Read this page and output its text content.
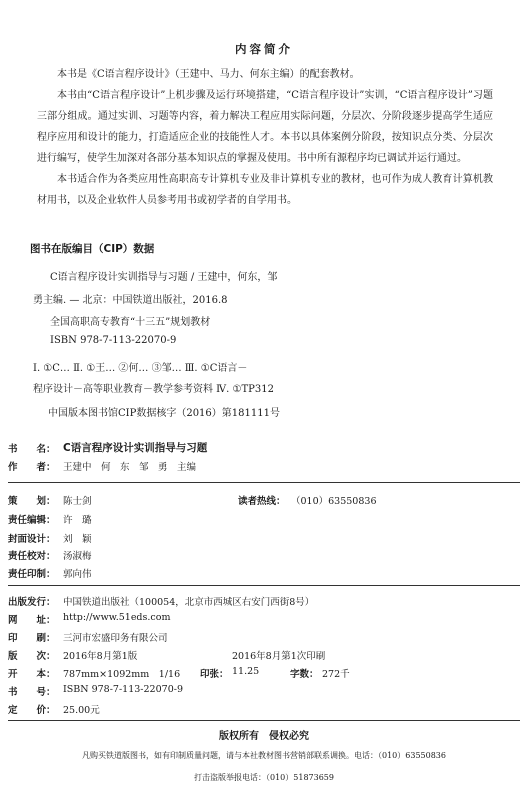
内容简介
本书是《C语言程序设计》（王建中、马力、何东主编）的配套教材。
本书由“C语言程序设计”上机步骤及运行环境搭建，“C语言程序设计”实训，“C语言程序设计”习题三部分组成。通过实训、习题等内容，着力解决工程应用实际问题，分层次、分阶段逐步提高学生适应程序应用和设计的能力，打造适应企业的技能性人才。本书以具体案例分阶段，按知识点分类、分层次进行编写，使学生加深对各部分基本知识点的掌握及使用。书中所有源程序均已调试并运行通过。
本书适合作为各类应用性高职高专计算机专业及非计算机专业的教材，也可作为成人教育计算机教材用书，以及企业软件人员参考用书或初学者的自学用书。
图书在版编目（CIP）数据
C语言程序设计实训指导与习题 / 王建中，何东，邹
勇主编. — 北京：中国铁道出版社，2016.8
全国高职高专教育“十三五”规划教材
ISBN 978-7-113-22070-9
Ⅰ. ①C… Ⅱ. ①王… ②何… ③邹… Ⅲ. ①C语言－
程序设计－高等职业教育－教学参考资料 Ⅳ. ①TP312
中国版本图书馆CIP数据核字（2016）第181111号
书　　名： C语言程序设计实训指导与习题
作　　者： 王建中　何　东　邹　勇　主编
策　　划： 陈士剑	读者热线： （010）63550836
责任编辑： 许　璐
封面设计： 刘　颖
责任校对： 汤淑梅
责任印制： 郭向伟
出版发行： 中国铁道出版社（100054，北京市西城区右安门西街8号）
网　　址： http://www.51eds.com
印　　刷： 三河市宏盛印务有限公司
版　　次： 2016年8月第1版	2016年8月第1次印刷
开　　本： 787mm×1092mm　1/16 印张： 11.25	字数： 272千
书　　号： ISBN 978-7-113-22070-9
定　　价： 25.00元
版权所有　侵权必究
凡购买铁道版图书，如有印制质量问题，请与本社教材图书营销部联系调换。电话：（010）63550836
打击盗版举报电话：（010）51873659
